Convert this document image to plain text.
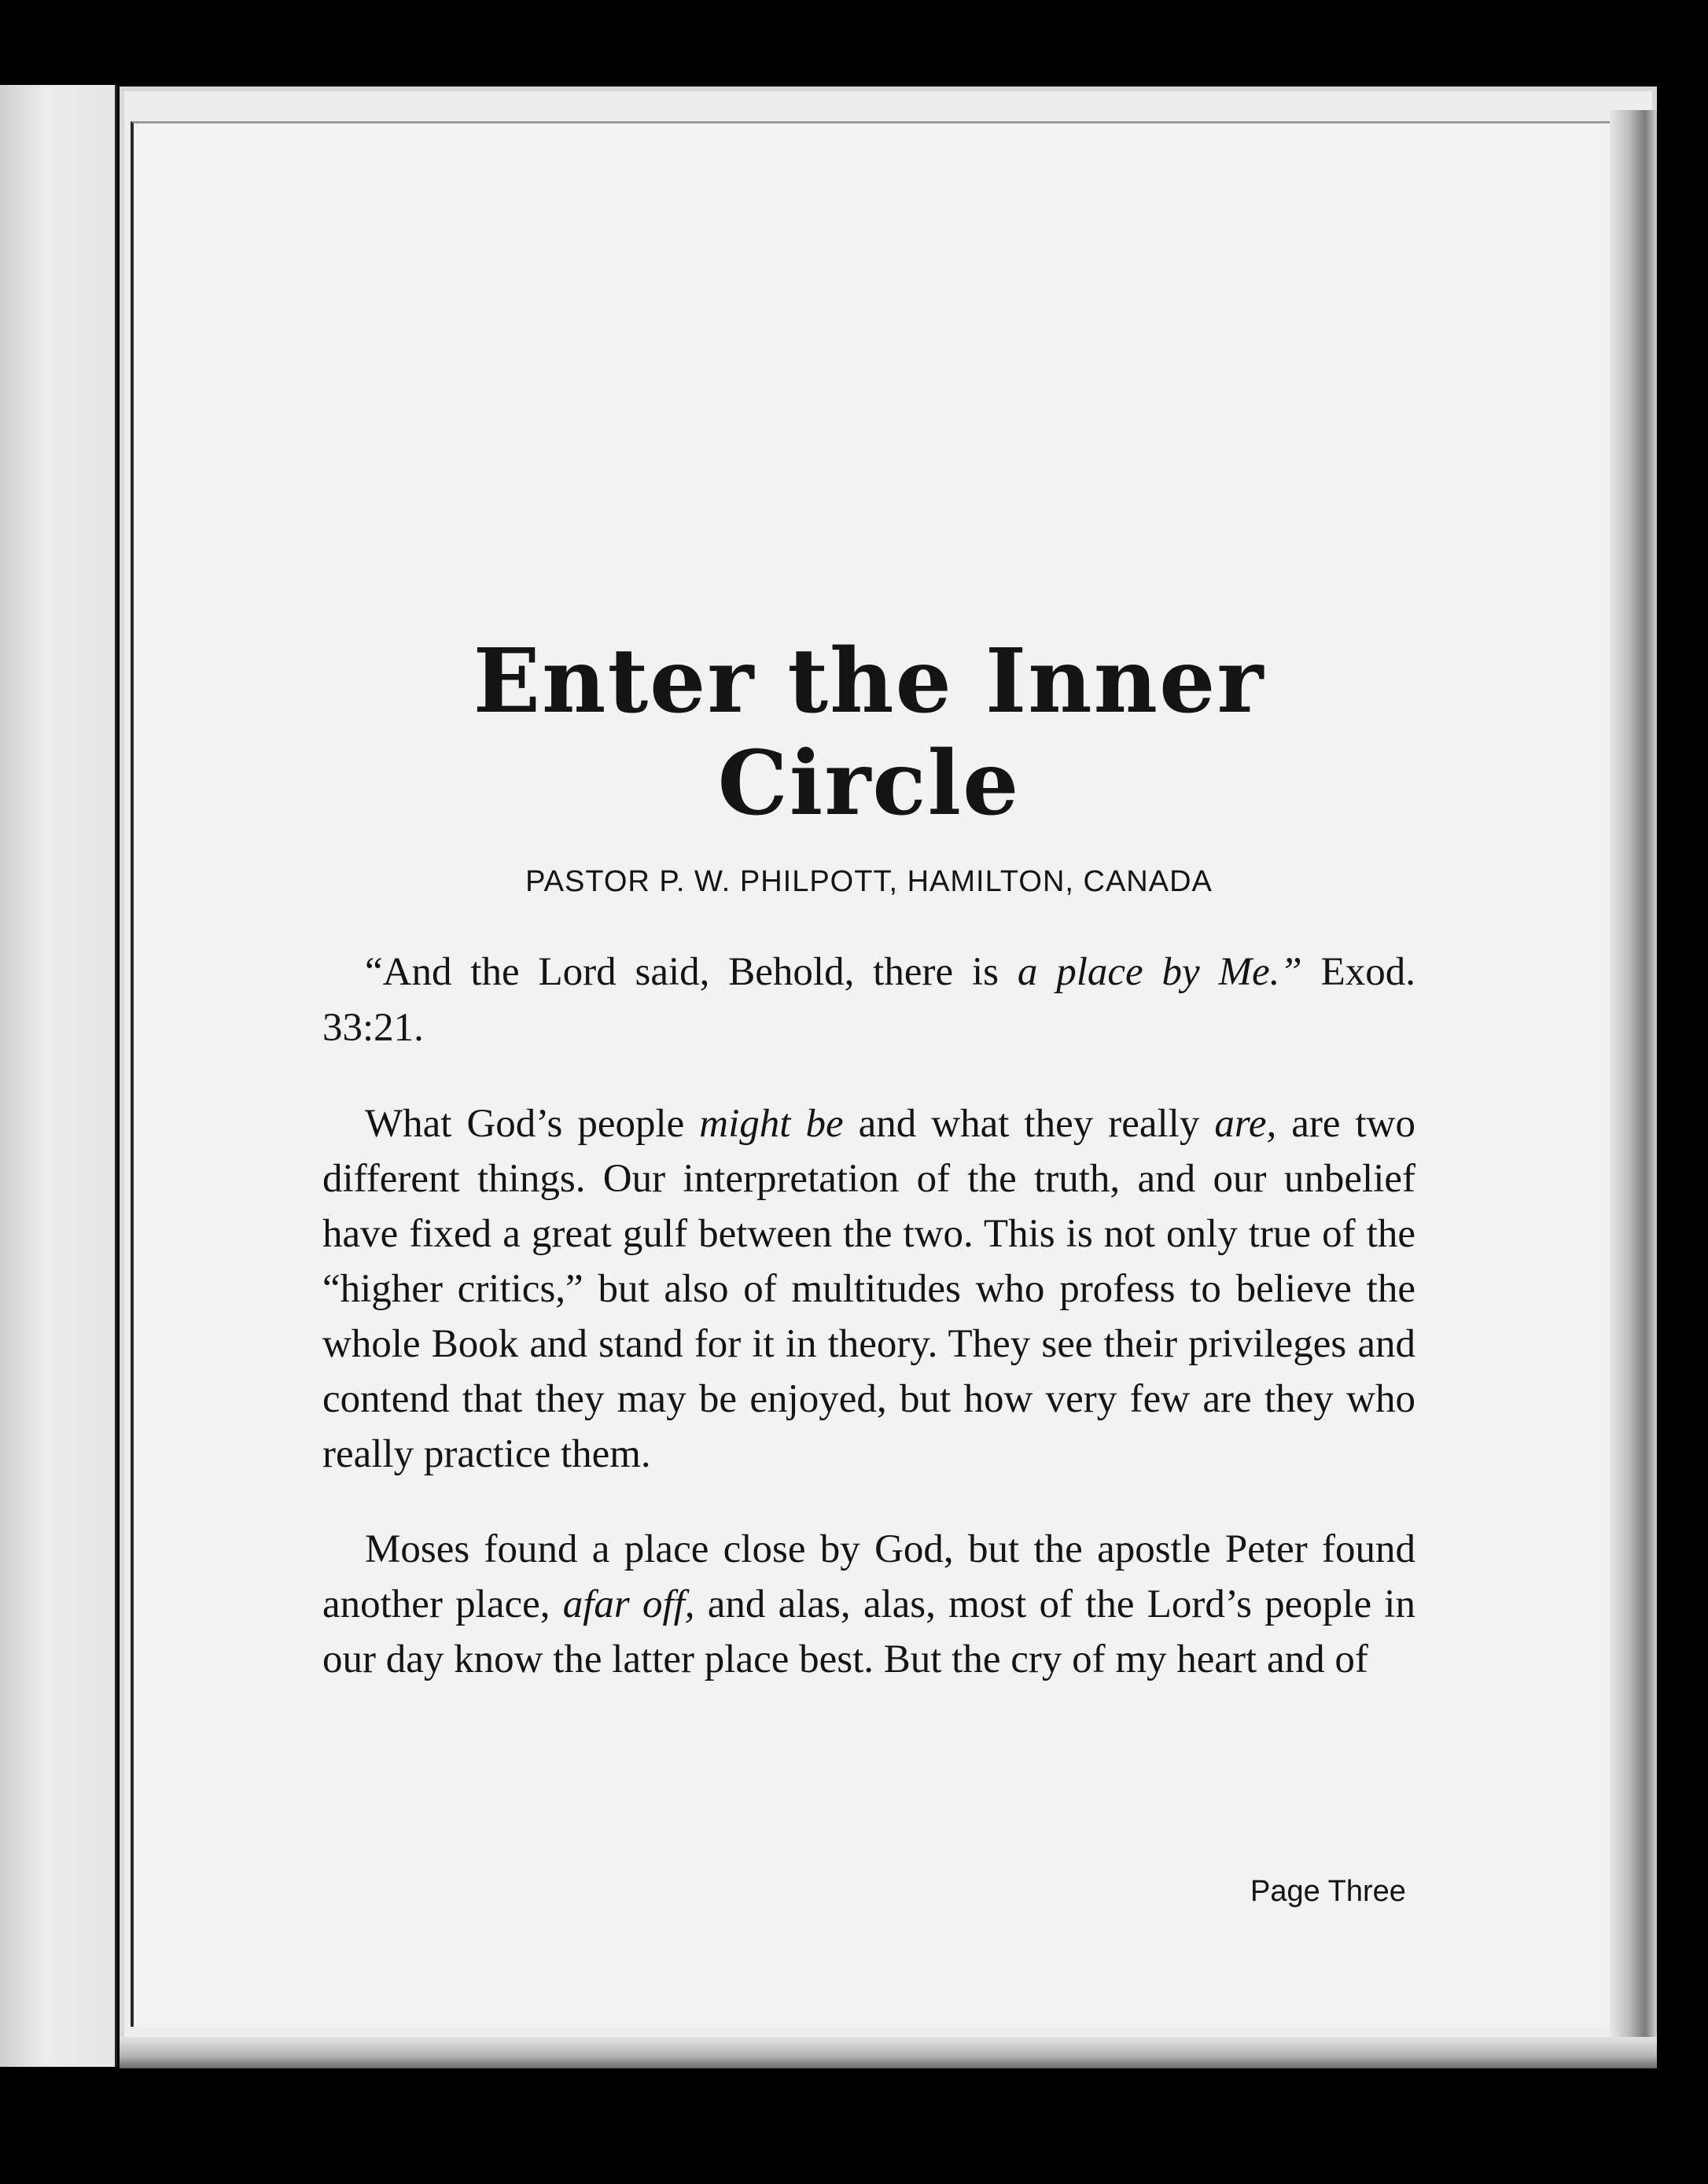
Enter the Inner
Circle
PASTOR P. W. PHILPOTT, HAMILTON, CANADA

“And the Lord said, Behold, there is a place by Me.” Exod. 33:21.

What God’s people might be and what they really are, are two different things. Our interpretation of the truth, and our unbelief have fixed a great gulf between the two. This is not only true of the “higher critics,” but also of multitudes who profess to believe the whole Book and stand for it in theory. They see their privileges and contend that they may be enjoyed, but how very few are they who really practice them.

Moses found a place close by God, but the apostle Peter found another place, afar off, and alas, alas, most of the Lord’s people in our day know the latter place best. But the cry of my heart and of

Page Three
